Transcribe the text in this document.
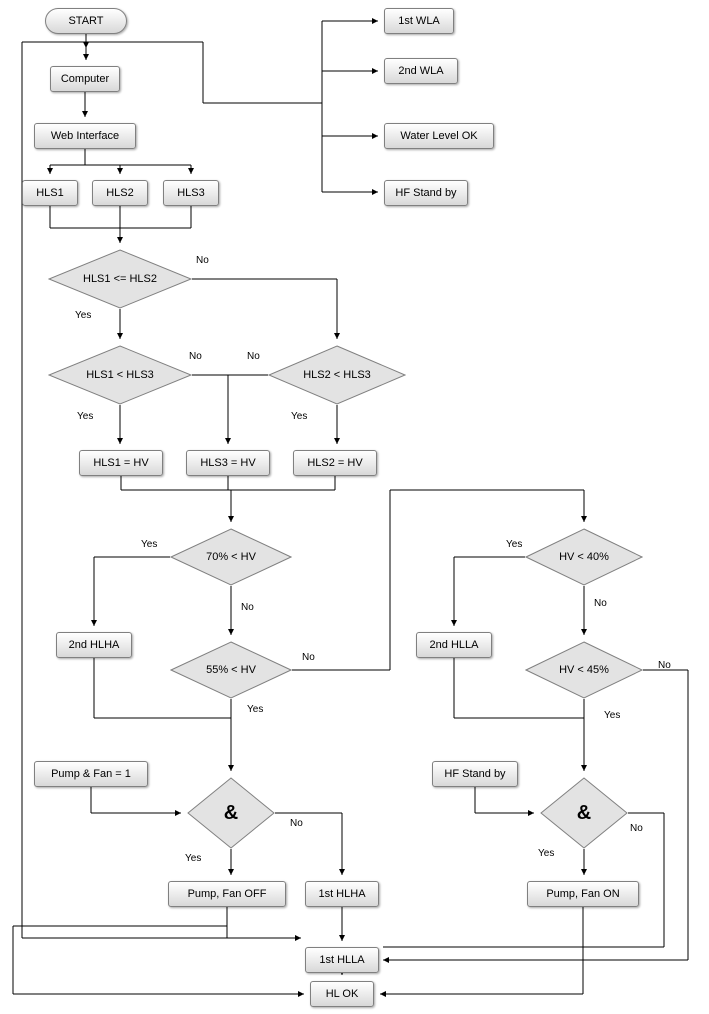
START
Computer
Web Interface
HLS1	HLS2	HLS3
1st WLA
2nd WLA
Water Level OK
HF Stand by
HLS1 <= HLS2
HLS1 < HLS3	HLS2 < HLS3
HLS1 = HV	HLS3 = HV	HLS2 = HV
70% < HV
55% < HV
2nd HLHA
HV < 40%
HV < 45%
2nd HLLA
Pump & Fan = 1	HF Stand by
&	&
Pump, Fan OFF	1st HLHA	Pump, Fan ON
1st HLLA
HL OK
No
Yes
No	No
Yes	Yes
Yes
No
No
Yes
Yes
No
No
Yes
No
Yes
No
Yes
